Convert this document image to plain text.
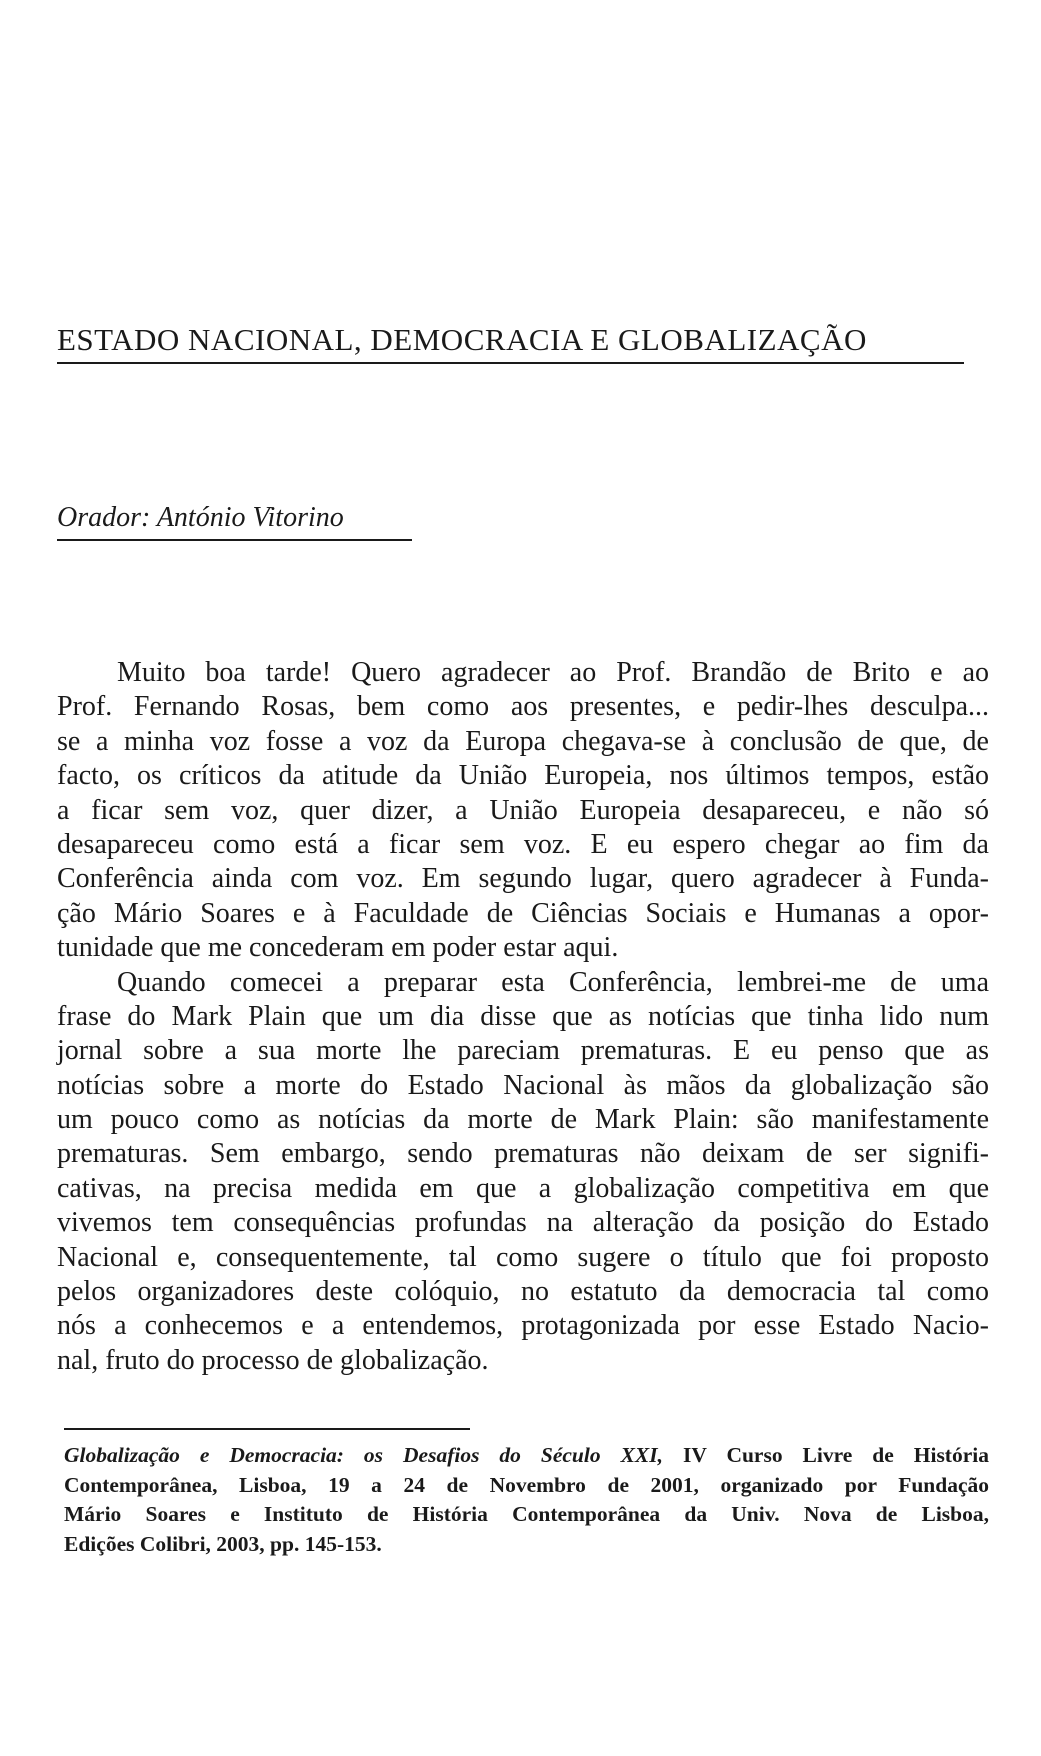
ESTADO NACIONAL, DEMOCRACIA E GLOBALIZAÇÃO
Orador: António Vitorino
Muito boa tarde! Quero agradecer ao Prof. Brandão de Brito e ao
Prof. Fernando Rosas, bem como aos presentes, e pedir-lhes desculpa...
se a minha voz fosse a voz da Europa chegava-se à conclusão de que, de
facto, os críticos da atitude da União Europeia, nos últimos tempos, estão
a ficar sem voz, quer dizer, a União Europeia desapareceu, e não só
desapareceu como está a ficar sem voz. E eu espero chegar ao fim da
Conferência ainda com voz. Em segundo lugar, quero agradecer à Funda-
ção Mário Soares e à Faculdade de Ciências Sociais e Humanas a opor-
tunidade que me concederam em poder estar aqui.
Quando comecei a preparar esta Conferência, lembrei-me de uma
frase do Mark Plain que um dia disse que as notícias que tinha lido num
jornal sobre a sua morte lhe pareciam prematuras. E eu penso que as
notícias sobre a morte do Estado Nacional às mãos da globalização são
um pouco como as notícias da morte de Mark Plain: são manifestamente
prematuras. Sem embargo, sendo prematuras não deixam de ser signifi-
cativas, na precisa medida em que a globalização competitiva em que
vivemos tem consequências profundas na alteração da posição do Estado
Nacional e, consequentemente, tal como sugere o título que foi proposto
pelos organizadores deste colóquio, no estatuto da democracia tal como
nós a conhecemos e a entendemos, protagonizada por esse Estado Nacio-
nal, fruto do processo de globalização.
Globalização e Democracia: os Desafios do Século XXI, IV Curso Livre de História
Contemporânea, Lisboa, 19 a 24 de Novembro de 2001, organizado por Fundação
Mário Soares e Instituto de História Contemporânea da Univ. Nova de Lisboa,
Edições Colibri, 2003, pp. 145-153.
